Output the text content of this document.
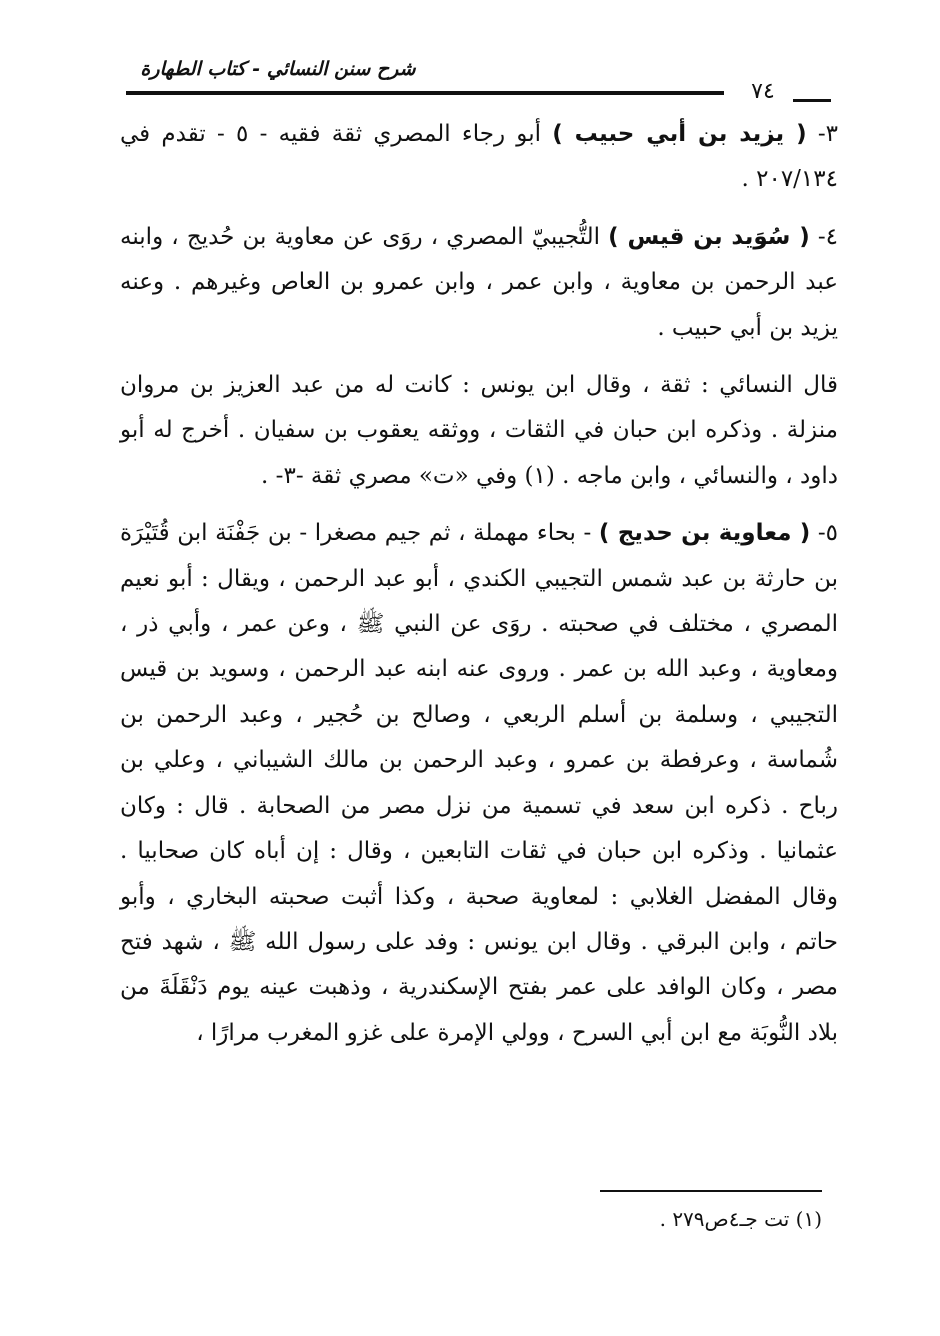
شرح سنن النسائي - كتاب الطهارة
٧٤

٣- ( يزيد بن أبي حبيب ) أبو رجاء المصري ثقة فقيه - ٥ - تقدم في ٢٠٧/١٣٤ .

٤- ( سُوَيد بن قيس ) التُّجيبيّ المصري ، روَى عن معاوية بن حُديج ، وابنه عبد الرحمن بن معاوية ، وابن عمر ، وابن عمرو بن العاص وغيرهم . وعنه يزيد بن أبي حبيب .

قال النسائي : ثقة ، وقال ابن يونس : كانت له من عبد العزيز بن مروان منزلة . وذكره ابن حبان في الثقات ، ووثقه يعقوب بن سفيان . أخرج له أبو داود ، والنسائي ، وابن ماجه . (١) وفي «ت» مصري ثقة -٣- .

٥- ( معاوية بن حديج ) - بحاء مهملة ، ثم جيم مصغرا - بن جَفْنَة ابن قُتَيْرَة بن حارثة بن عبد شمس التجيبي الكندي ، أبو عبد الرحمن ، ويقال : أبو نعيم المصري ، مختلف في صحبته . روَى عن النبي ﷺ ، وعن عمر ، وأبي ذر ، ومعاوية ، وعبد الله بن عمر . وروى عنه ابنه عبد الرحمن ، وسويد بن قيس التجيبي ، وسلمة بن أسلم الربعي ، وصالح بن حُجير ، وعبد الرحمن بن شُماسة ، وعرفطة بن عمرو ، وعبد الرحمن بن مالك الشيباني ، وعلي بن رباح . ذكره ابن سعد في تسمية من نزل مصر من الصحابة . قال : وكان عثمانيا . وذكره ابن حبان في ثقات التابعين ، وقال : إن أباه كان صحابيا . وقال المفضل الغلابي : لمعاوية صحبة ، وكذا أثبت صحبته البخاري ، وأبو حاتم ، وابن البرقي . وقال ابن يونس : وفد على رسول الله ﷺ ، شهد فتح مصر ، وكان الوافد على عمر بفتح الإسكندرية ، وذهبت عينه يوم دَنْقَلَةَ من بلاد النُّوبَة مع ابن أبي السرح ، وولي الإمرة على غزو المغرب مرارًا ،

(١) تت جـ٤ص٢٧٩ .
